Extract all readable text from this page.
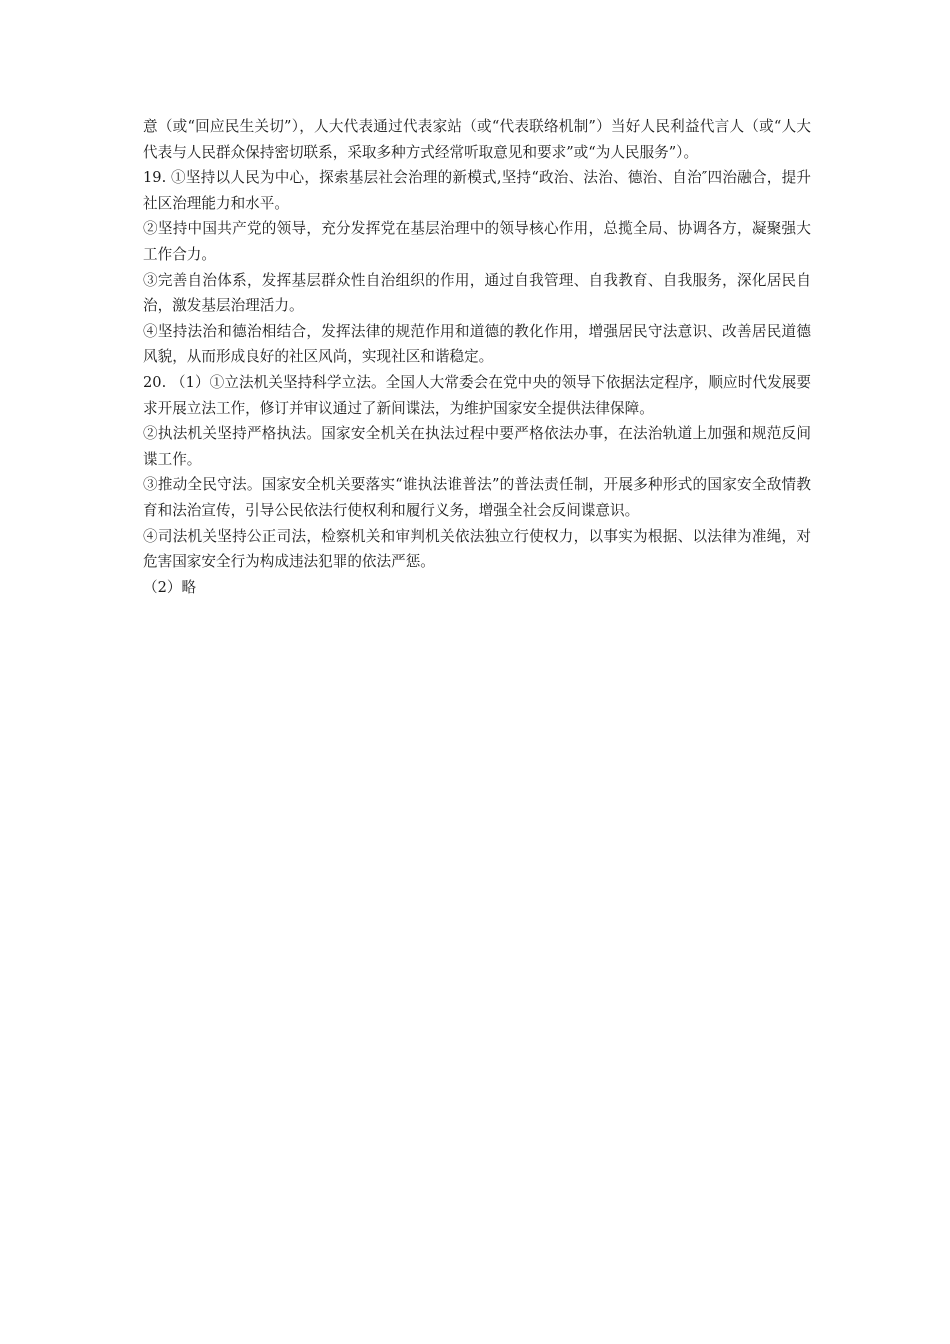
意（或“回应民生关切”），人大代表通过代表家站（或“代表联络机制”）当好人民利益代言人（或“人大代表与人民群众保持密切联系，采取多种方式经常听取意见和要求”或“为人民服务”）。

19. ①坚持以人民为中心，探索基层社会治理的新模式,坚持“政治、法治、德治、自治″四治融合，提升社区治理能力和水平。

②坚持中国共产党的领导，充分发挥党在基层治理中的领导核心作用，总揽全局、协调各方，凝聚强大工作合力。

③完善自治体系，发挥基层群众性自治组织的作用，通过自我管理、自我教育、自我服务，深化居民自治，激发基层治理活力。

④坚持法治和德治相结合，发挥法律的规范作用和道德的教化作用，增强居民守法意识、改善居民道德风貌，从而形成良好的社区风尚，实现社区和谐稳定。

20. （1）①立法机关坚持科学立法。全国人大常委会在党中央的领导下依据法定程序，顺应时代发展要求开展立法工作，修订并审议通过了新间谍法，为维护国家安全提供法律保障。

②执法机关坚持严格执法。国家安全机关在执法过程中要严格依法办事，在法治轨道上加强和规范反间谍工作。

③推动全民守法。国家安全机关要落实“谁执法谁普法”的普法责任制，开展多种形式的国家安全敌情教育和法治宣传，引导公民依法行使权利和履行义务，增强全社会反间谍意识。

④司法机关坚持公正司法，检察机关和审判机关依法独立行使权力，以事实为根据、以法律为准绳，对危害国家安全行为构成违法犯罪的依法严惩。

（2）略
